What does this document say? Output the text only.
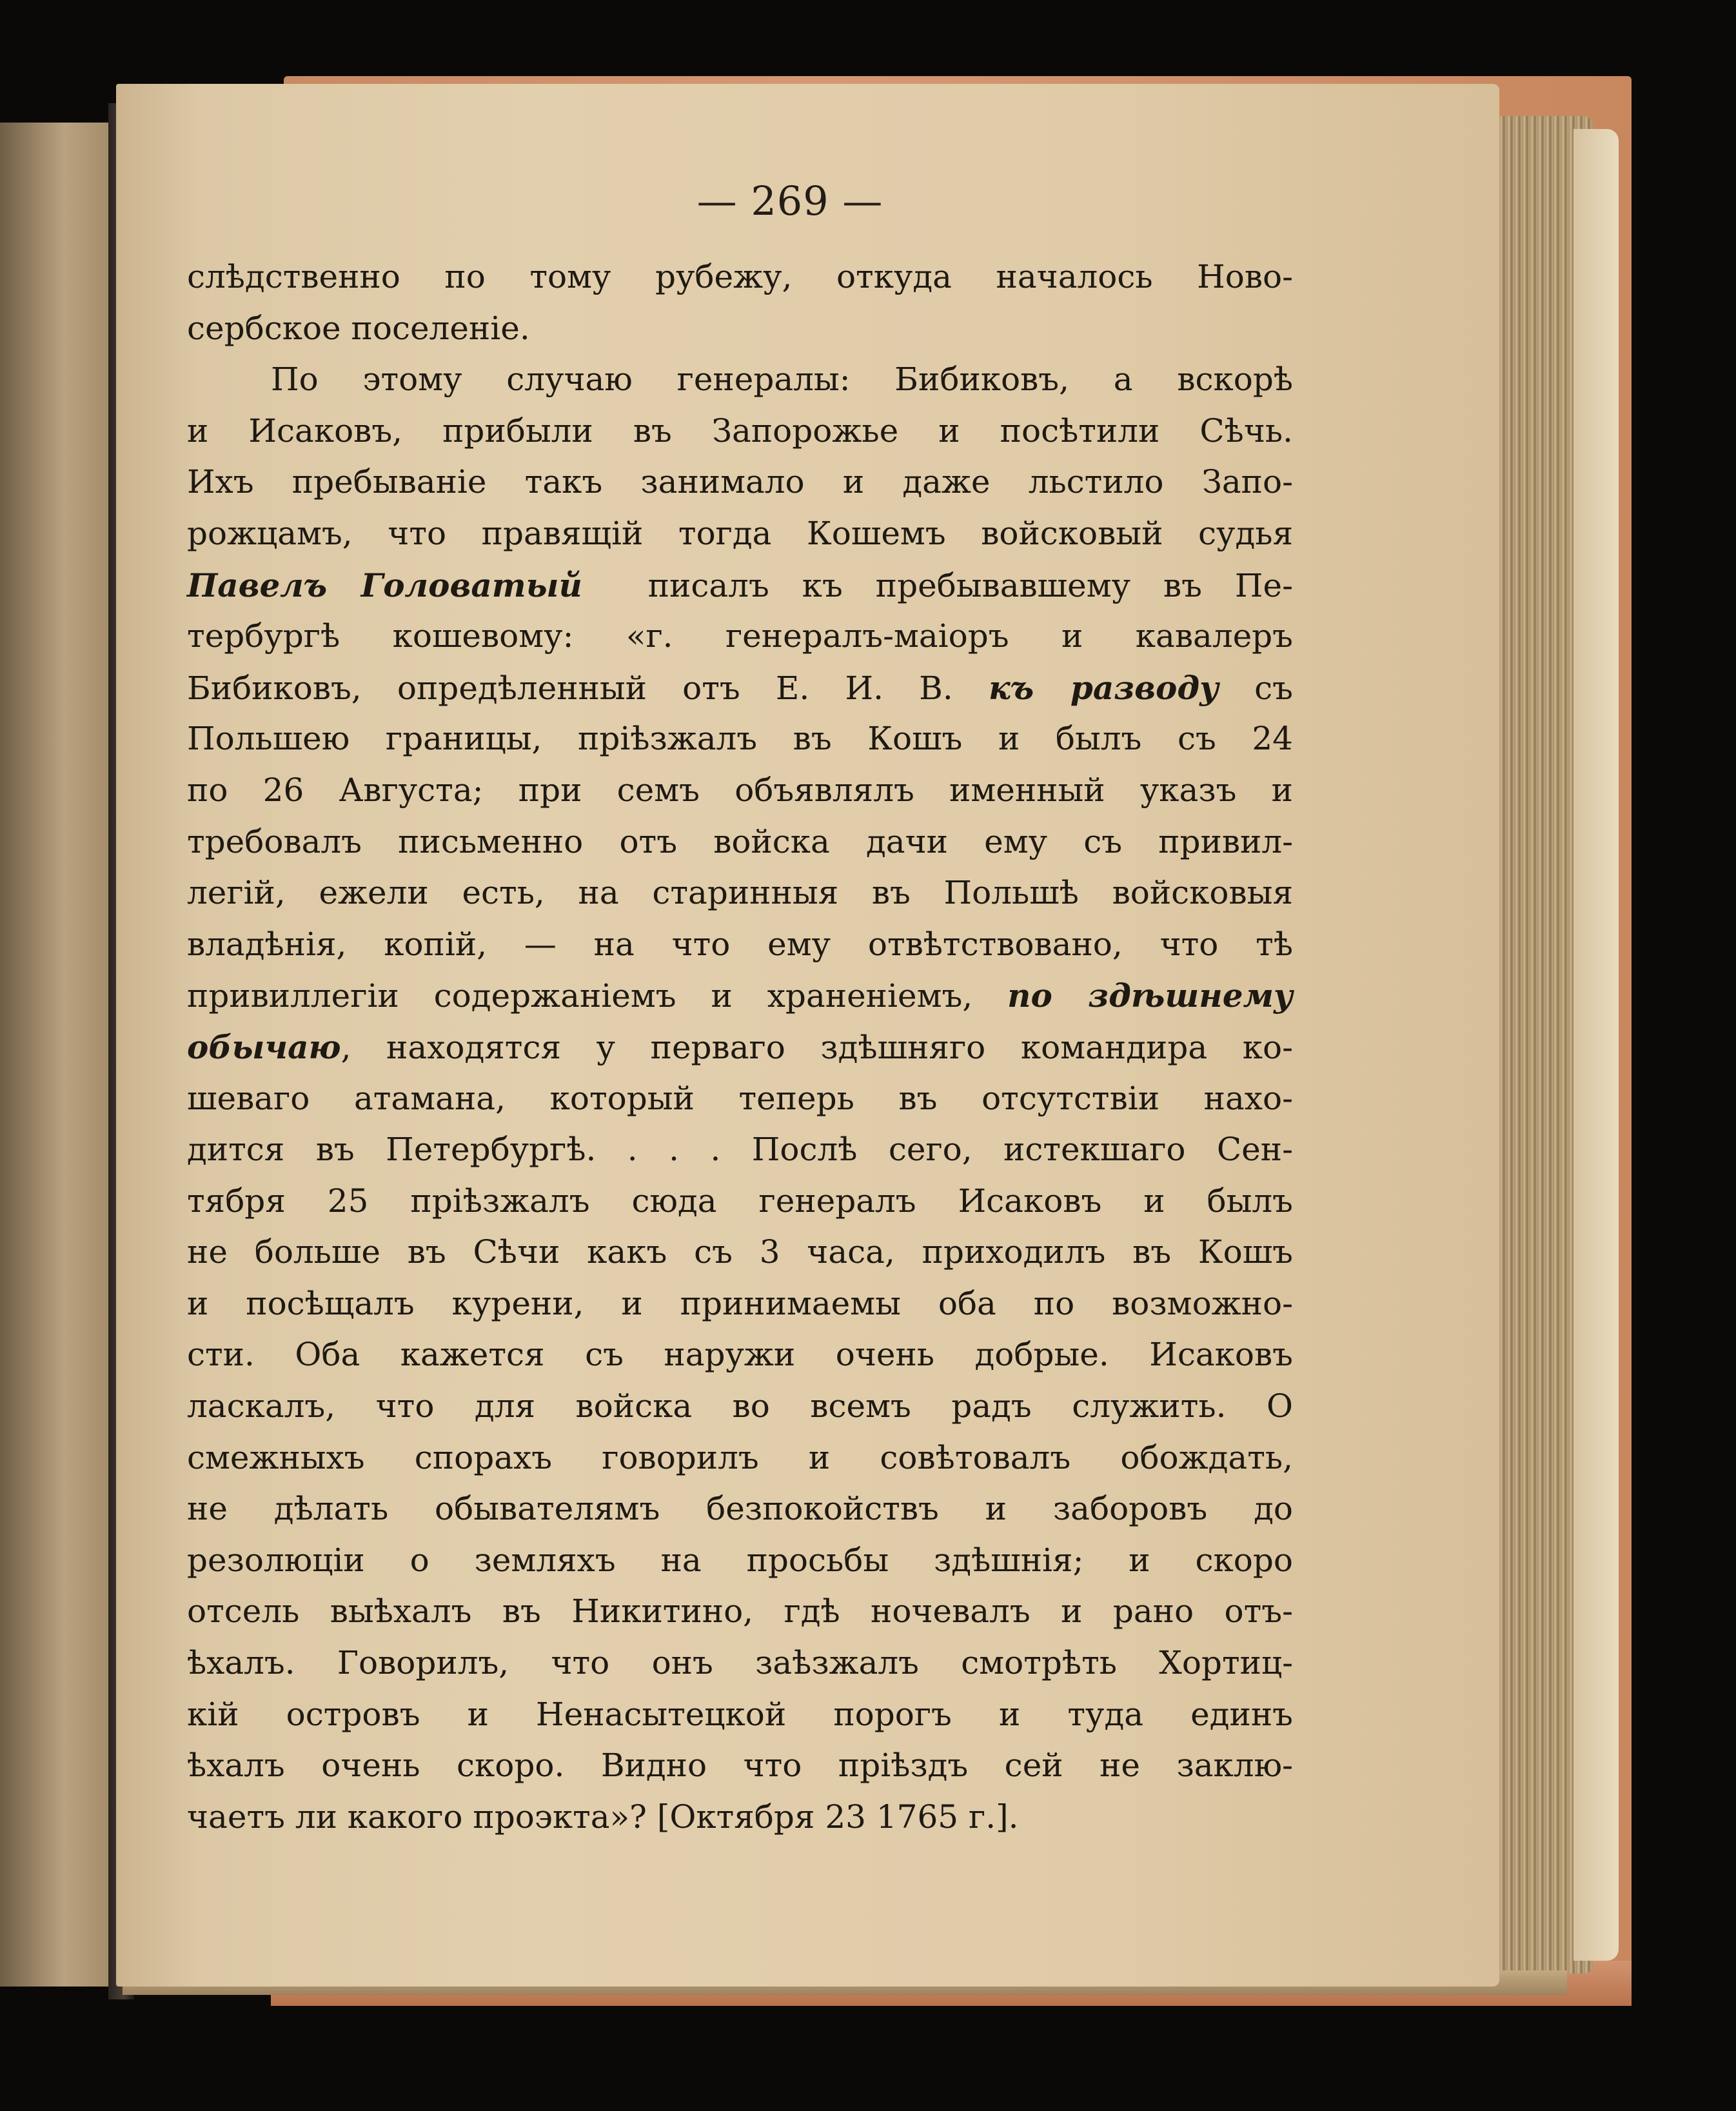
— 269 —
слѣдственно по тому рубежу, откуда началось Ново-
сербское поселеніе.
По этому случаю генералы: Бибиковъ, а вскорѣ
и Исаковъ, прибыли въ Запорожье и посѣтили Сѣчь.
Ихъ пребываніе такъ занимало и даже льстило Запо-
рожцамъ, что правящій тогда Кошемъ войсковый судья
Павелъ Головатый  писалъ къ пребывавшему въ Пе-
тербургѣ кошевому: «г. генералъ-маіоръ и кавалеръ
Бибиковъ, опредѣленный отъ Е. И. В. къ разводу съ
Польшею границы, пріѣзжалъ въ Кошъ и былъ съ 24
по 26 Августа; при семъ объявлялъ именный указъ и
требовалъ письменно отъ войска дачи ему съ привил-
легій, ежели есть, на старинныя въ Польшѣ войсковыя
владѣнія, копій, — на что ему отвѣтствовано, что тѣ
привиллегіи содержаніемъ и храненіемъ, по здѣшнему
обычаю, находятся у перваго здѣшняго командира ко-
шеваго атамана, который теперь въ отсутствіи нахо-
дится въ Петербургѣ. . . . Послѣ сего, истекшаго Сен-
тября 25 пріѣзжалъ сюда генералъ Исаковъ и былъ
не больше въ Сѣчи какъ съ 3 часа, приходилъ въ Кошъ
и посѣщалъ курени, и принимаемы оба по возможно-
сти. Оба кажется съ наружи очень добрые. Исаковъ
ласкалъ, что для войска во всемъ радъ служить. О
смежныхъ спорахъ говорилъ и совѣтовалъ обождать,
не дѣлать обывателямъ безпокойствъ и заборовъ до
резолюціи о земляхъ на просьбы здѣшнія; и скоро
отсель выѣхалъ въ Никитино, гдѣ ночевалъ и рано отъ-
ѣхалъ. Говорилъ, что онъ заѣзжалъ смотрѣть Хортиц-
кій островъ и Ненасытецкой порогъ и туда единъ
ѣхалъ очень скоро. Видно что пріѣздъ сей не заклю-
чаетъ ли какого проэкта»? [Октября 23 1765 г.].
